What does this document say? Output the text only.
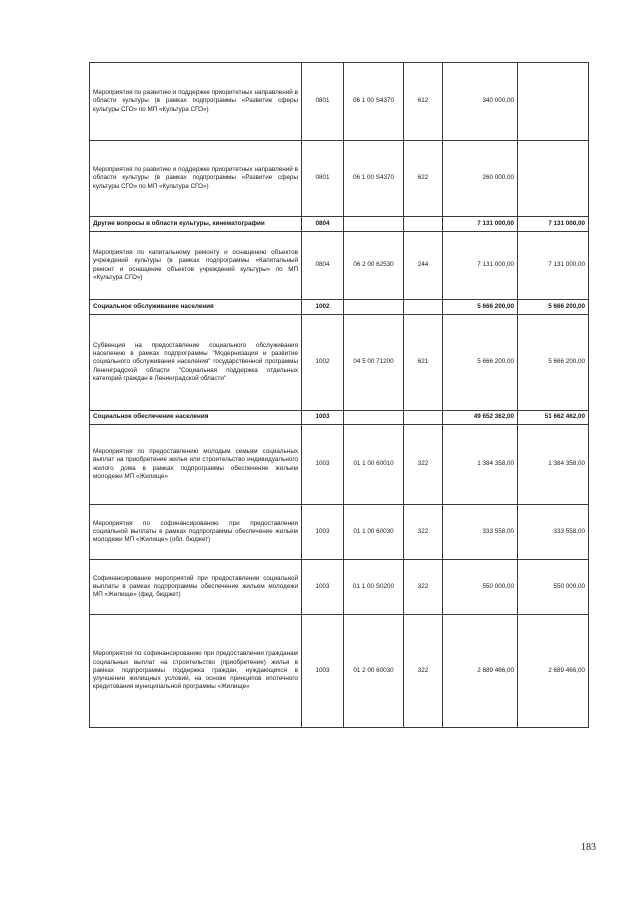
Мероприятия по развитию и поддержке приоритетных направлений в области культуры (в рамках подпрограммы «Развитие сферы культуры СГО» по МП «Культура СГО»)	0801	06 1 00 S4370	612	340 000,00	
Мероприятия по развитию и поддержке приоритетных направлений в области культуры (в рамках подпрограммы «Развитие сферы культуры СГО» по МП «Культура СГО»)	0801	06 1 00 S4370	622	260 000,00	
Другие вопросы в области культуры, кинематографии	0804			7 131 000,00	7 131 000,00
Мероприятия по капитальному ремонту и оснащению объектов учреждений культуры (в рамках подпрограммы «Капитальный ремонт и оснащение объектов учреждений культуры» по МП «Культура СГО»)	0804	06 2 00 62530	244	7 131 000,00	7 131 000,00
Социальное обслуживание населения	1002			5 666 200,00	5 666 200,00
Субвенция на предоставление социального обслуживания населению в рамках подпрограммы "Модернизация и развитие социального обслуживания населения" государственной программы Ленинградской области "Социальная поддержка отдельных категорий граждан в Ленинградской области"	1002	04 5 00 71200	621	5 666 200,00	5 666 200,00
Социальное обеспечение населения	1003			49 652 362,00	51 662 462,00
Мероприятия по предоставлению молодым семьям социальных выплат на приобретение жилья или строительство индивидуального жилого дома в рамках подпрограммы обеспечение жильем молодежи МП «Жилище»	1003	01 1 00 60010	322	1 384 358,00	1 384 358,00
Мероприятия по софинансированию при предоставлении социальной выплаты в рамках подпрограммы обеспечение жильем молодежи МП «Жилище» (обл. бюджет)	1003	01 1 00 60030	322	333 558,00	333 558,00
Софинансирование мероприятий при предоставлении социальной выплаты в рамках подпрограммы обеспечение жильем молодежи МП «Жилище» (фед. бюджет)	1003	01 1 00 S0200	322	550 000,00	550 000,00
Мероприятия по софинансированию при предоставлении гражданам социальных выплат на строительство (приобретение) жилья в рамках подпрограммы поддержка граждан, нуждающихся в улучшении жилищных условий, на основе принципов ипотечного кредитования муниципальной программы «Жилище»	1003	01 2 00 60030	322	2 689 466,00	2 689 466,00
183
